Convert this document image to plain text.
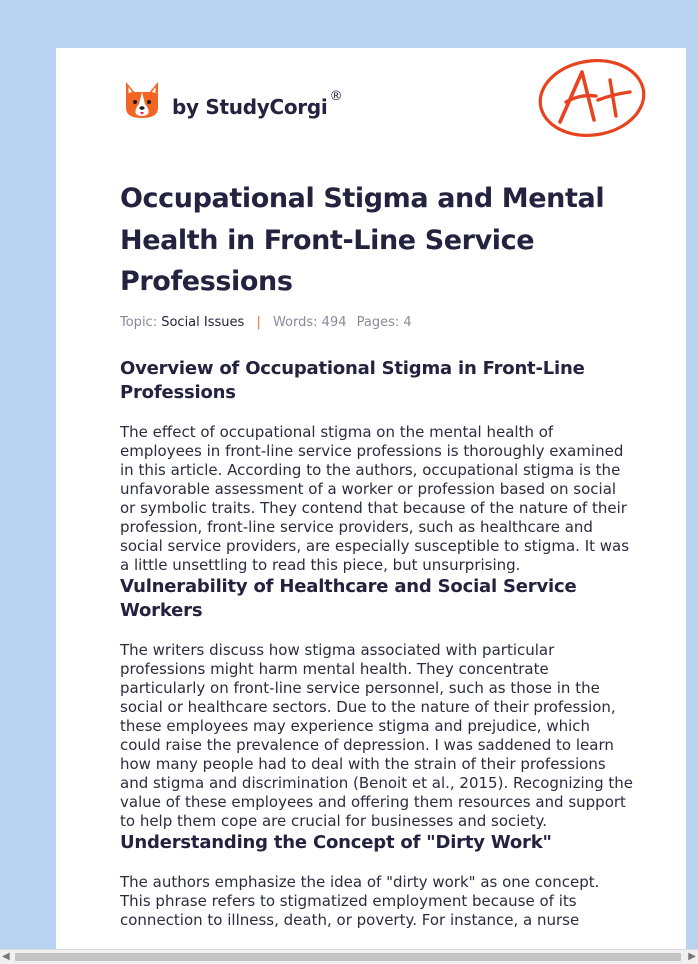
by StudyCorgi ®
Occupational Stigma and Mental Health in Front-Line Service Professions
Topic: Social Issues | Words: 494 Pages: 4
Overview of Occupational Stigma in Front-Line Professions

The effect of occupational stigma on the mental health of employees in front-line service professions is thoroughly examined in this article. According to the authors, occupational stigma is the unfavorable assessment of a worker or profession based on social or symbolic traits. They contend that because of the nature of their profession, front-line service providers, such as healthcare and social service providers, are especially susceptible to stigma. It was a little unsettling to read this piece, but unsurprising.

Vulnerability of Healthcare and Social Service Workers

The writers discuss how stigma associated with particular professions might harm mental health. They concentrate particularly on front-line service personnel, such as those in the social or healthcare sectors. Due to the nature of their profession, these employees may experience stigma and prejudice, which could raise the prevalence of depression. I was saddened to learn how many people had to deal with the strain of their professions and stigma and discrimination (Benoit et al., 2015). Recognizing the value of these employees and offering them resources and support to help them cope are crucial for businesses and society.

Understanding the Concept of "Dirty Work"

The authors emphasize the idea of "dirty work" as one concept. This phrase refers to stigmatized employment because of its connection to illness, death, or poverty. For instance, a nurse

◀	▶
